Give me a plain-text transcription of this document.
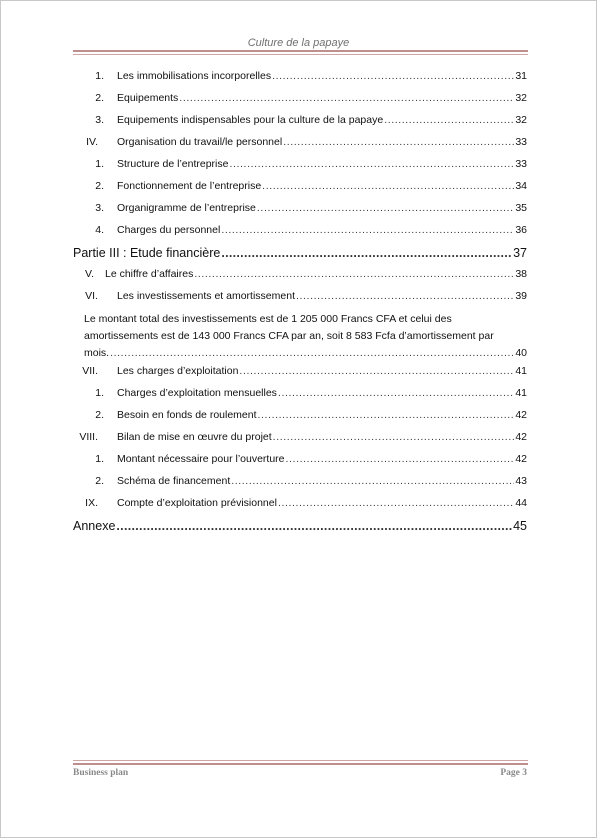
Culture de la papaye
1. Les immobilisations incorporelles .....	31
2. Equipements .....	32
3. Equipements indispensables pour la culture de la papaye .....	32
IV. Organisation du travail/le personnel .....	33
1. Structure de l’entreprise .....	33
2. Fonctionnement de l’entreprise .....	34
3. Organigramme de l’entreprise .....	35
4. Charges du personnel .....	36
Partie III : Etude financière .....	37
V. Le chiffre d’affaires .....	38
VI. Les investissements et amortissement .....	39
Le montant total des investissements est de 1 205 000 Francs CFA et celui des
amortissements est de 143 000 Francs CFA par an, soit 8 583 Fcfa d’amortissement par
mois. .....	40
VII. Les charges d’exploitation .....	41
1. Charges d’exploitation mensuelles .....	41
2. Besoin en fonds de roulement .....	42
VIII. Bilan de mise en œuvre du projet .....	42
1. Montant nécessaire pour l’ouverture .....	42
2. Schéma de financement .....	43
IX. Compte d’exploitation prévisionnel .....	44
Annexe .....	45
Business plan	Page 3
